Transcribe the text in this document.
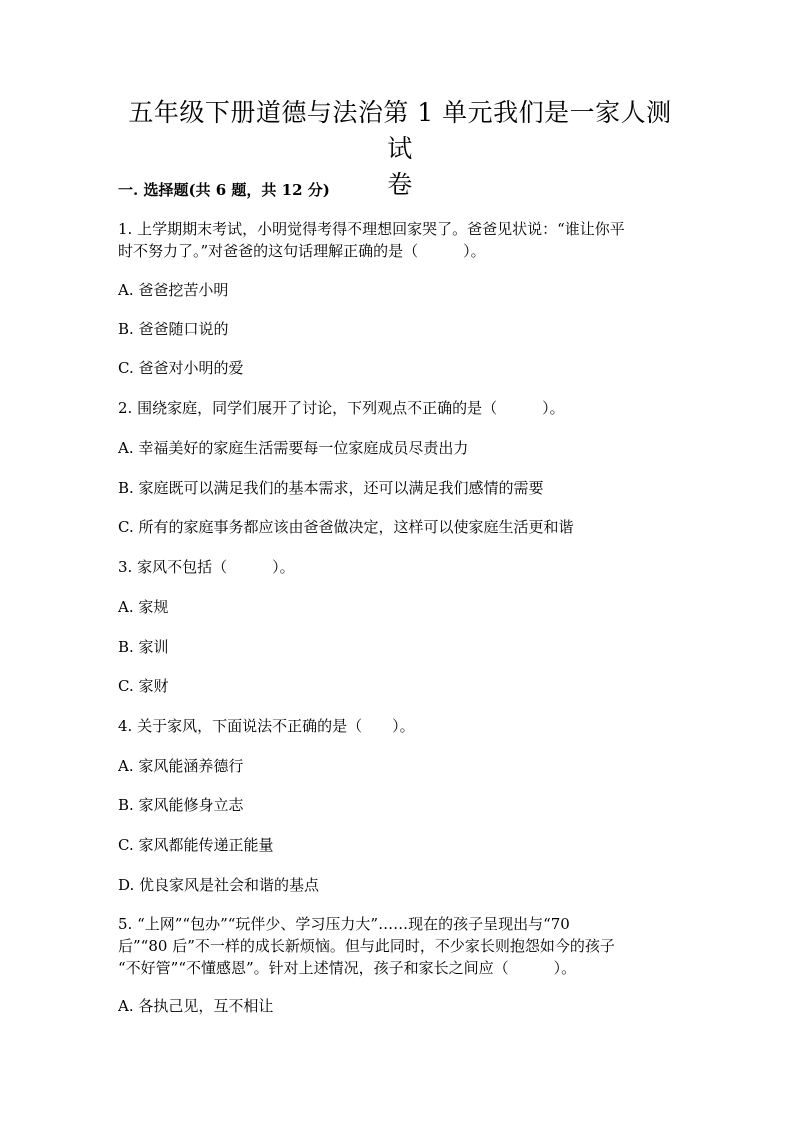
五年级下册道德与法治第 1 单元我们是一家人测试
卷
一. 选择题(共 6 题，共 12 分)
1. 上学期期末考试，小明觉得考得不理想回家哭了。爸爸见状说：“谁让你平
时不努力了。”对爸爸的这句话理解正确的是（　　　）。
A. 爸爸挖苦小明
B. 爸爸随口说的
C. 爸爸对小明的爱
2. 围绕家庭，同学们展开了讨论，下列观点不正确的是（　　　）。
A. 幸福美好的家庭生活需要每一位家庭成员尽责出力
B. 家庭既可以满足我们的基本需求，还可以满足我们感情的需要
C. 所有的家庭事务都应该由爸爸做决定，这样可以使家庭生活更和谐
3. 家风不包括（　　　）。
A. 家规
B. 家训
C. 家财
4. 关于家风，下面说法不正确的是（　　）。
A. 家风能涵养德行
B. 家风能修身立志
C. 家风都能传递正能量
D. 优良家风是社会和谐的基点
5. “上网”“包办”“玩伴少、学习压力大”……现在的孩子呈现出与“70
后”“80 后”不一样的成长新烦恼。但与此同时，不少家长则抱怨如今的孩子
“不好管”“不懂感恩”。针对上述情况，孩子和家长之间应（　　　）。
A. 各执己见，互不相让
